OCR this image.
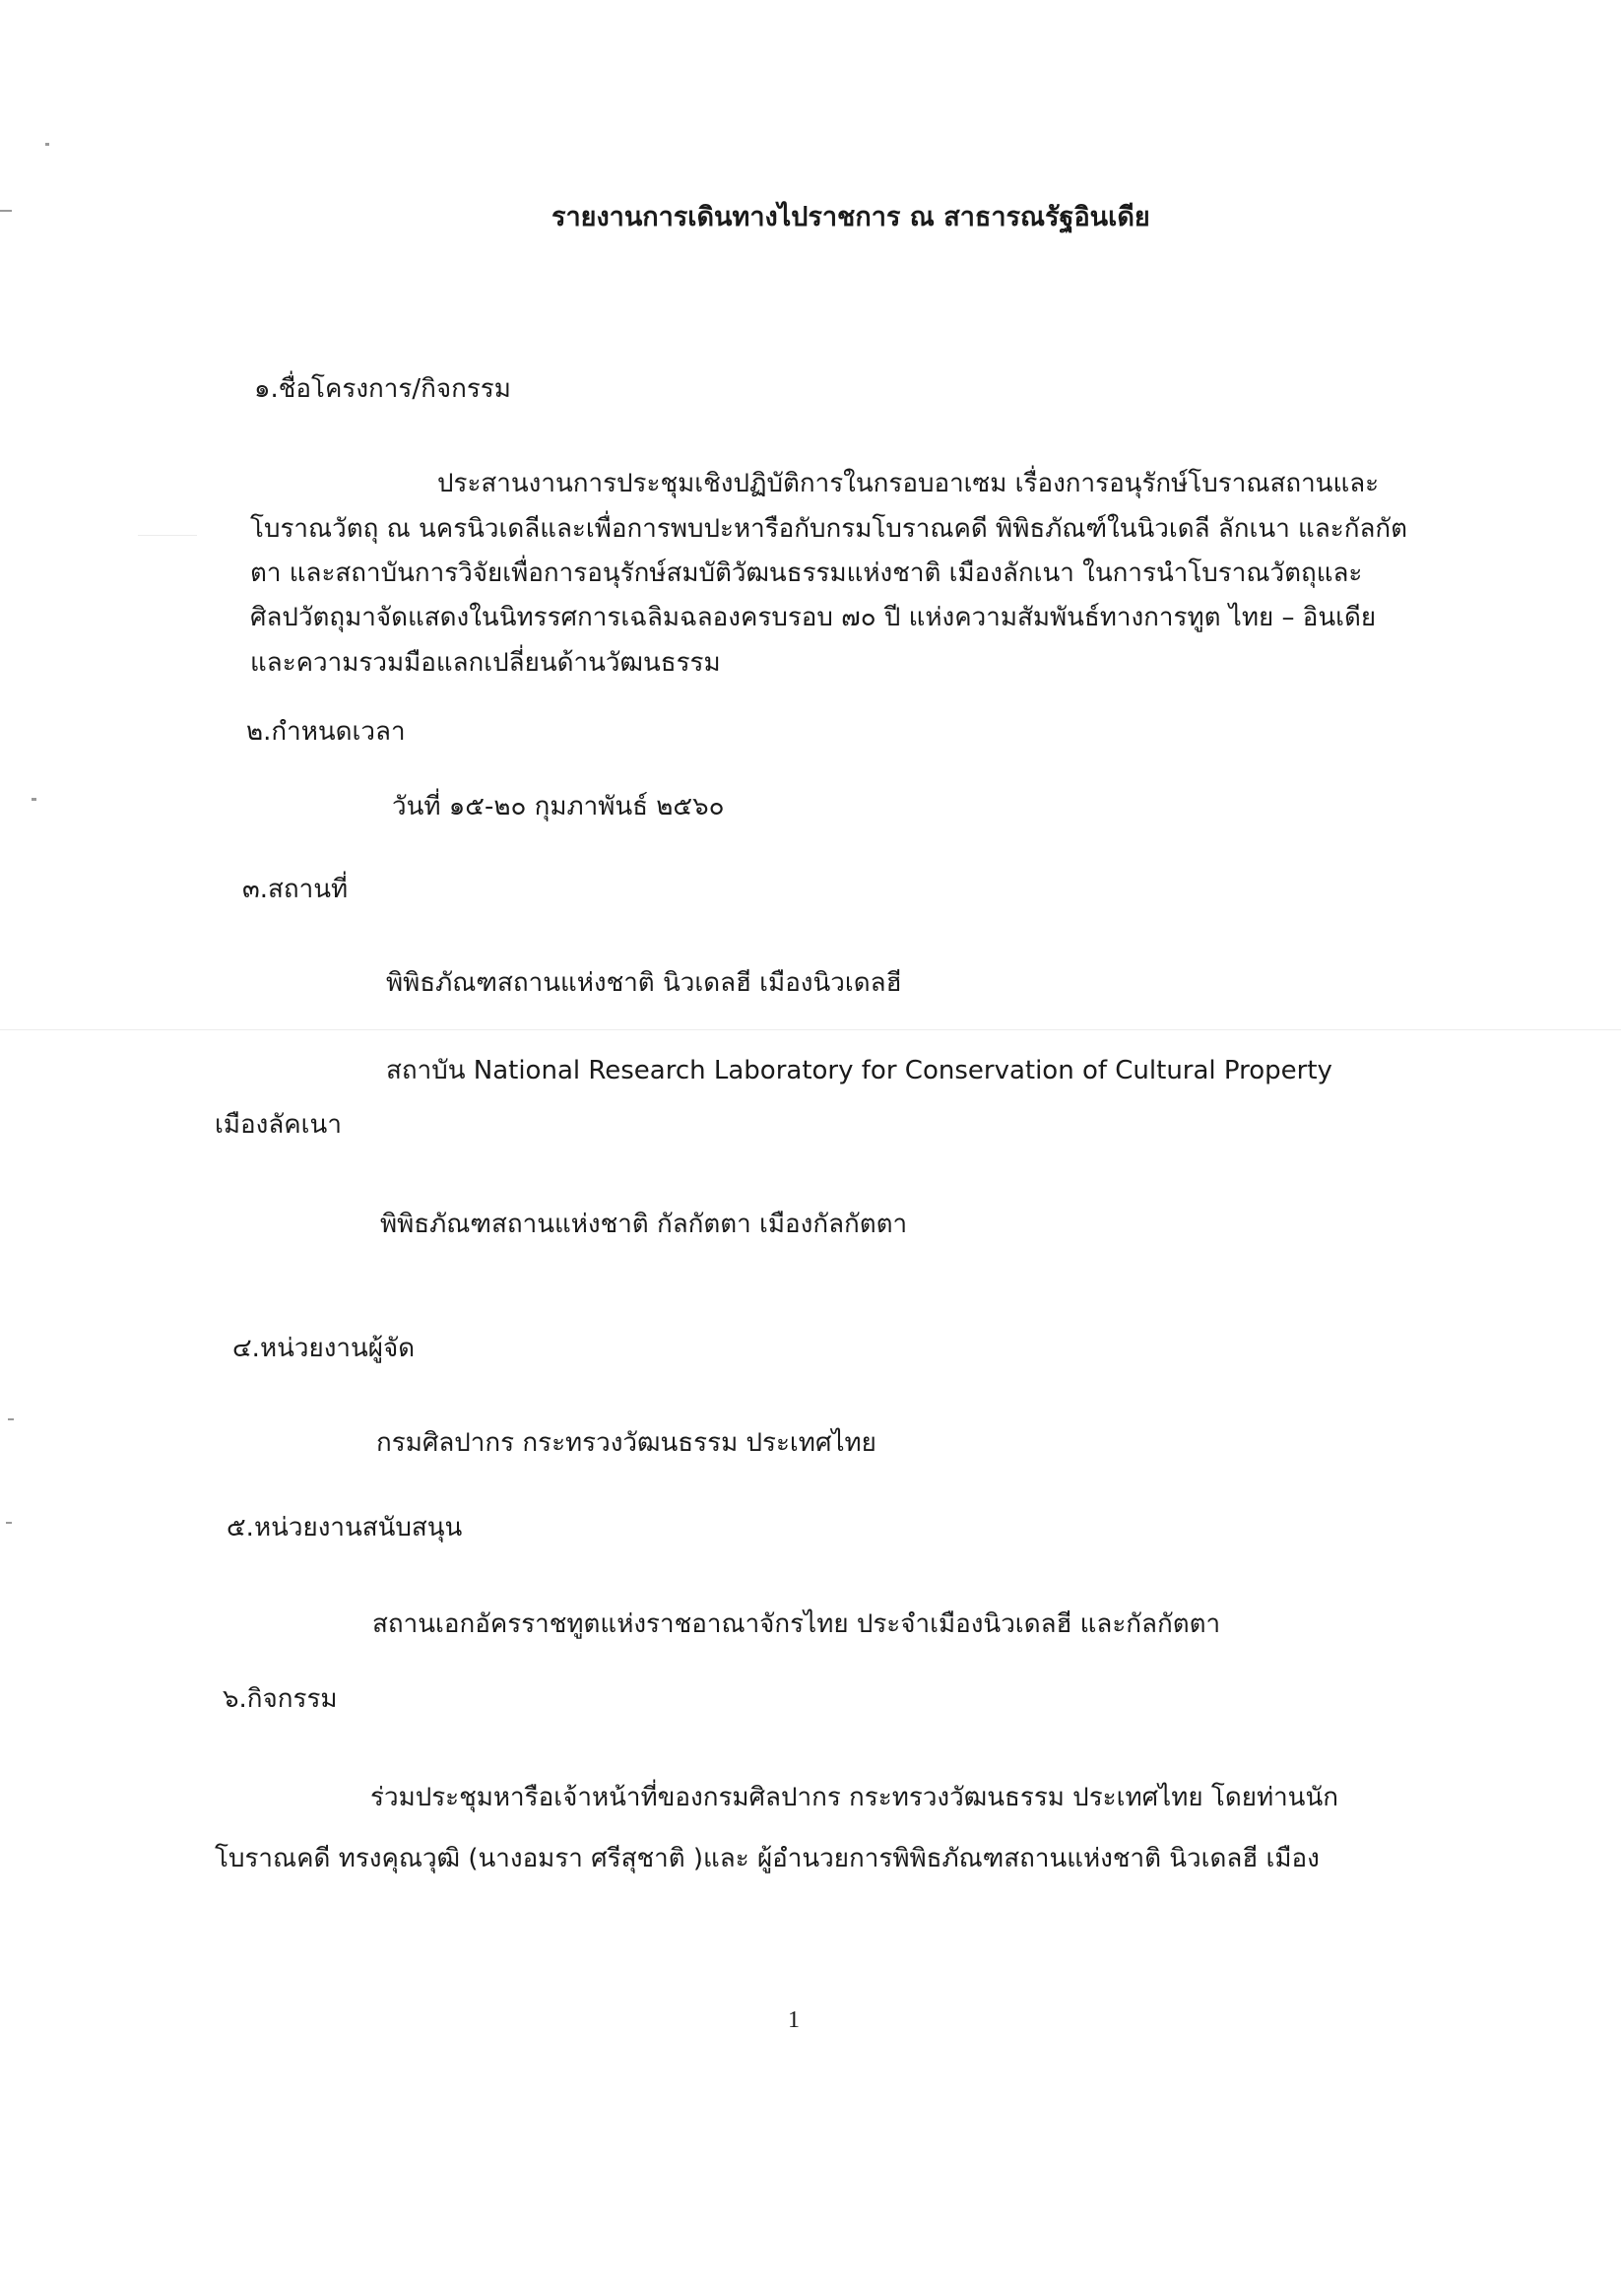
รายงานการเดินทางไปราชการ ณ สาธารณรัฐอินเดีย
๑.ชื่อโครงการ/กิจกรรม
ประสานงานการประชุมเชิงปฏิบัติการในกรอบอาเซม เรื่องการอนุรักษ์โบราณสถานและ
โบราณวัตถุ ณ นครนิวเดลีและเพื่อการพบปะหารือกับกรมโบราณคดี พิพิธภัณฑ์ในนิวเดลี ลักเนา และกัลกัต
ตา และสถาบันการวิจัยเพื่อการอนุรักษ์สมบัติวัฒนธรรมแห่งชาติ เมืองลักเนา ในการนำโบราณวัตถุและ
ศิลปวัตถุมาจัดแสดงในนิทรรศการเฉลิมฉลองครบรอบ ๗๐ ปี แห่งความสัมพันธ์ทางการทูต ไทย – อินเดีย
และความรวมมือแลกเปลี่ยนด้านวัฒนธรรม
๒.กำหนดเวลา
วันที่ ๑๕-๒๐ กุมภาพันธ์ ๒๕๖๐
๓.สถานที่
พิพิธภัณฑสถานแห่งชาติ นิวเดลฮี เมืองนิวเดลฮี
สถาบัน National Research Laboratory for Conservation of Cultural Property
เมืองลัคเนา
พิพิธภัณฑสถานแห่งชาติ กัลกัตตา เมืองกัลกัตตา
๔.หน่วยงานผู้จัด
กรมศิลปากร กระทรวงวัฒนธรรม ประเทศไทย
๕.หน่วยงานสนับสนุน
สถานเอกอัครราชทูตแห่งราชอาณาจักรไทย ประจำเมืองนิวเดลฮี และกัลกัตตา
๖.กิจกรรม
ร่วมประชุมหารือเจ้าหน้าที่ของกรมศิลปากร กระทรวงวัฒนธรรม ประเทศไทย โดยท่านนัก
โบราณคดี ทรงคุณวุฒิ (นางอมรา ศรีสุชาติ )และ ผู้อำนวยการพิพิธภัณฑสถานแห่งชาติ นิวเดลฮี เมือง
1
